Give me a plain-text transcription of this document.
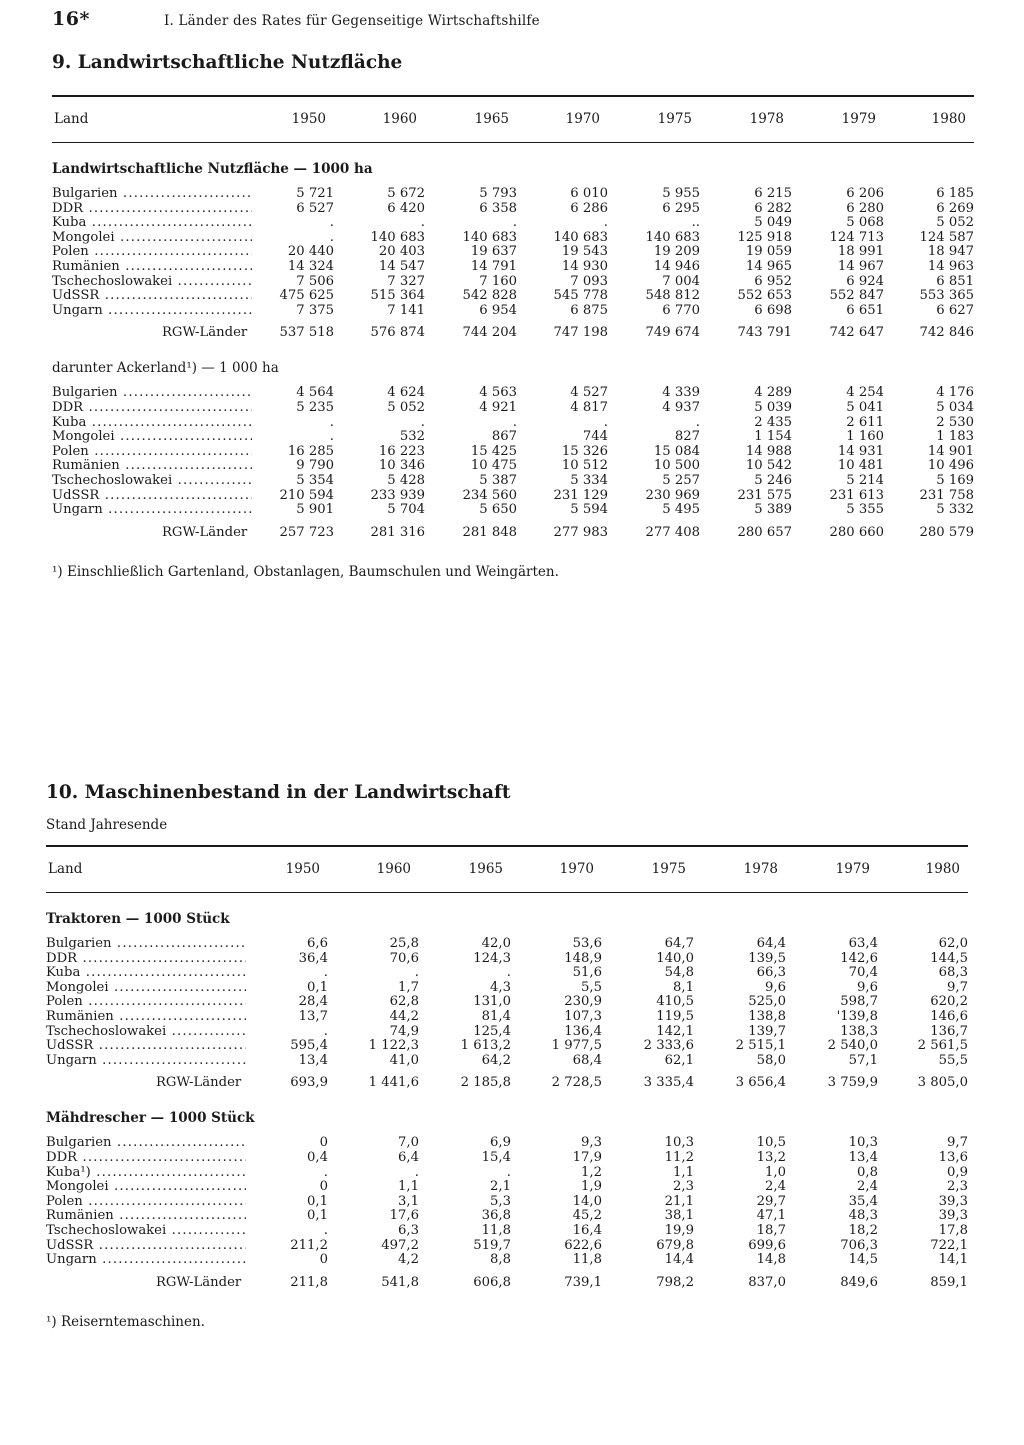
16*	I. Länder des Rates für Gegenseitige Wirtschaftshilfe
9. Landwirtschaftliche Nutzfläche
Land	1950	1960	1965	1970	1975	1978	1979	1980
Landwirtschaftliche Nutzfläche — 1000 ha
Bulgarien .....	5 721	5 672	5 793	6 010	5 955	6 215	6 206	6 185
DDR .....	6 527	6 420	6 358	6 286	6 295	6 282	6 280	6 269
Kuba .....	.	.	.	.	..	5 049	5 068	5 052
Mongolei .....	.	140 683	140 683	140 683	140 683	125 918	124 713	124 587
Polen .....	20 440	20 403	19 637	19 543	19 209	19 059	18 991	18 947
Rumänien .....	14 324	14 547	14 791	14 930	14 946	14 965	14 967	14 963
Tschechoslowakei .....	7 506	7 327	7 160	7 093	7 004	6 952	6 924	6 851
UdSSR .....	475 625	515 364	542 828	545 778	548 812	552 653	552 847	553 365
Ungarn .....	7 375	7 141	6 954	6 875	6 770	6 698	6 651	6 627
RGW-Länder	537 518	576 874	744 204	747 198	749 674	743 791	742 647	742 846
darunter Ackerland¹) — 1 000 ha
Bulgarien .....	4 564	4 624	4 563	4 527	4 339	4 289	4 254	4 176
DDR .....	5 235	5 052	4 921	4 817	4 937	5 039	5 041	5 034
Kuba .....	.	.	.	.	.	2 435	2 611	2 530
Mongolei .....	.	532	867	744	827	1 154	1 160	1 183
Polen .....	16 285	16 223	15 425	15 326	15 084	14 988	14 931	14 901
Rumänien .....	9 790	10 346	10 475	10 512	10 500	10 542	10 481	10 496
Tschechoslowakei .....	5 354	5 428	5 387	5 334	5 257	5 246	5 214	5 169
UdSSR .....	210 594	233 939	234 560	231 129	230 969	231 575	231 613	231 758
Ungarn .....	5 901	5 704	5 650	5 594	5 495	5 389	5 355	5 332
RGW-Länder	257 723	281 316	281 848	277 983	277 408	280 657	280 660	280 579
¹) Einschließlich Gartenland, Obstanlagen, Baumschulen und Weingärten.
10. Maschinenbestand in der Landwirtschaft
Stand Jahresende
Land	1950	1960	1965	1970	1975	1978	1979	1980
Traktoren — 1000 Stück
Bulgarien .....	6,6	25,8	42,0	53,6	64,7	64,4	63,4	62,0
DDR .....	36,4	70,6	124,3	148,9	140,0	139,5	142,6	144,5
Kuba .....	.	.	.	51,6	54,8	66,3	70,4	68,3
Mongolei .....	0,1	1,7	4,3	5,5	8,1	9,6	9,6	9,7
Polen .....	28,4	62,8	131,0	230,9	410,5	525,0	598,7	620,2
Rumänien .....	13,7	44,2	81,4	107,3	119,5	138,8	'139,8	146,6
Tschechoslowakei .....	.	74,9	125,4	136,4	142,1	139,7	138,3	136,7
UdSSR .....	595,4	1 122,3	1 613,2	1 977,5	2 333,6	2 515,1	2 540,0	2 561,5
Ungarn .....	13,4	41,0	64,2	68,4	62,1	58,0	57,1	55,5
RGW-Länder	693,9	1 441,6	2 185,8	2 728,5	3 335,4	3 656,4	3 759,9	3 805,0
Mähdrescher — 1000 Stück
Bulgarien .....	0	7,0	6,9	9,3	10,3	10,5	10,3	9,7
DDR .....	0,4	6,4	15,4	17,9	11,2	13,2	13,4	13,6
Kuba¹) .....	.	.	.	1,2	1,1	1,0	0,8	0,9
Mongolei .....	0	1,1	2,1	1,9	2,3	2,4	2,4	2,3
Polen .....	0,1	3,1	5,3	14,0	21,1	29,7	35,4	39,3
Rumänien .....	0,1	17,6	36,8	45,2	38,1	47,1	48,3	39,3
Tschechoslowakei .....	.	6,3	11,8	16,4	19,9	18,7	18,2	17,8
UdSSR .....	211,2	497,2	519,7	622,6	679,8	699,6	706,3	722,1
Ungarn .....	0	4,2	8,8	11,8	14,4	14,8	14,5	14,1
RGW-Länder	211,8	541,8	606,8	739,1	798,2	837,0	849,6	859,1
¹) Reiserntemaschinen.
